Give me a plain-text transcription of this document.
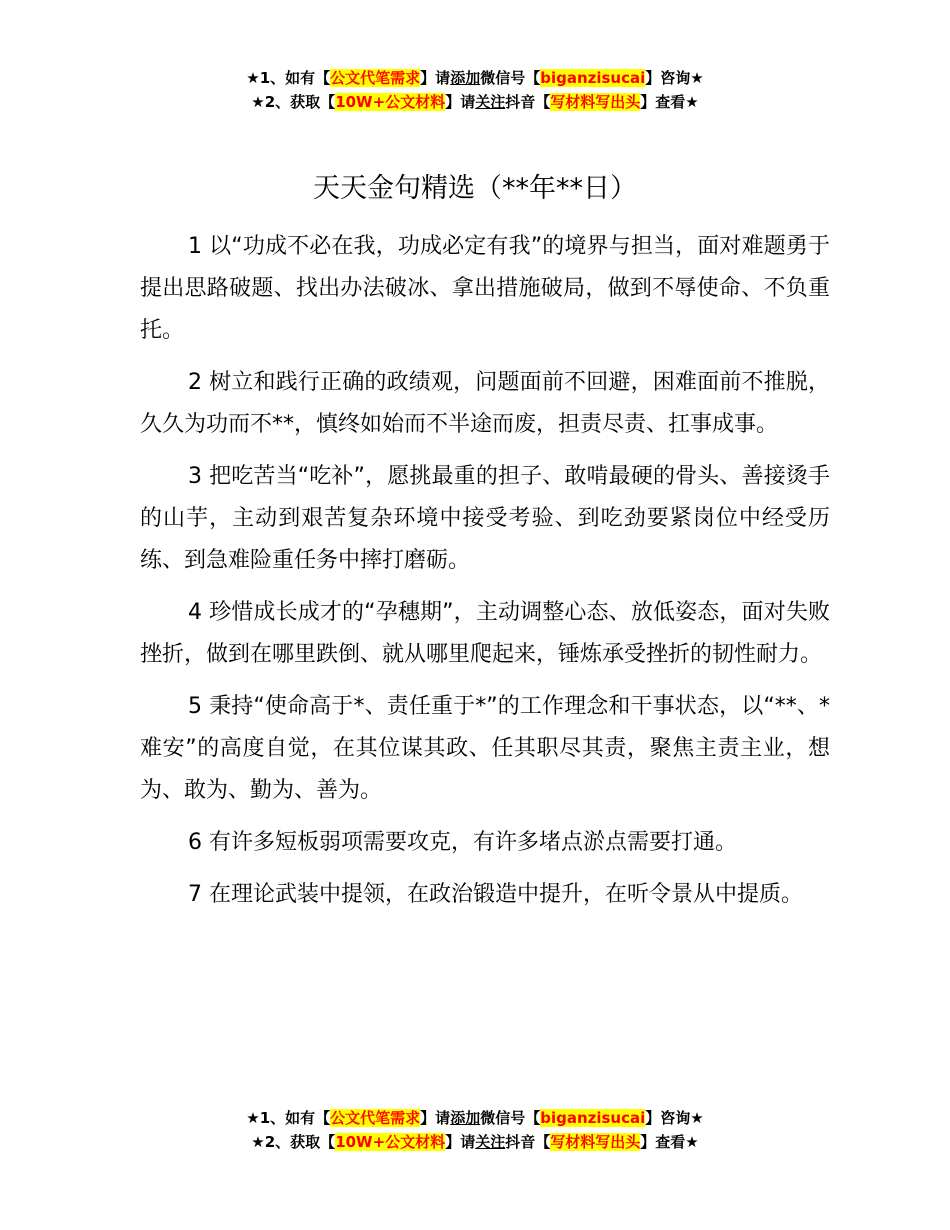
★1、如有【公文代笔需求】请添加微信号【biganzisucai】咨询★
★2、获取【10W+公文材料】请关注抖音【写材料写出头】查看★
天天金句精选（**年**日）

1 以“功成不必在我，功成必定有我”的境界与担当，面对难题勇于提出思路破题、找出办法破冰、拿出措施破局，做到不辱使命、不负重托。

2 树立和践行正确的政绩观，问题面前不回避，困难面前不推脱，久久为功而不**，慎终如始而不半途而废，担责尽责、扛事成事。

3 把吃苦当“吃补”，愿挑最重的担子、敢啃最硬的骨头、善接烫手的山芋，主动到艰苦复杂环境中接受考验、到吃劲要紧岗位中经受历练、到急难险重任务中摔打磨砺。

4 珍惜成长成才的“孕穗期”，主动调整心态、放低姿态，面对失败挫折，做到在哪里跌倒、就从哪里爬起来，锤炼承受挫折的韧性耐力。

5 秉持“使命高于*、责任重于*”的工作理念和干事状态，以“**、*难安”的高度自觉，在其位谋其政、任其职尽其责，聚焦主责主业，想为、敢为、勤为、善为。

6 有许多短板弱项需要攻克，有许多堵点淤点需要打通。

7 在理论武装中提领，在政治锻造中提升，在听令景从中提质。

★1、如有【公文代笔需求】请添加微信号【biganzisucai】咨询★
★2、获取【10W+公文材料】请关注抖音【写材料写出头】查看★
